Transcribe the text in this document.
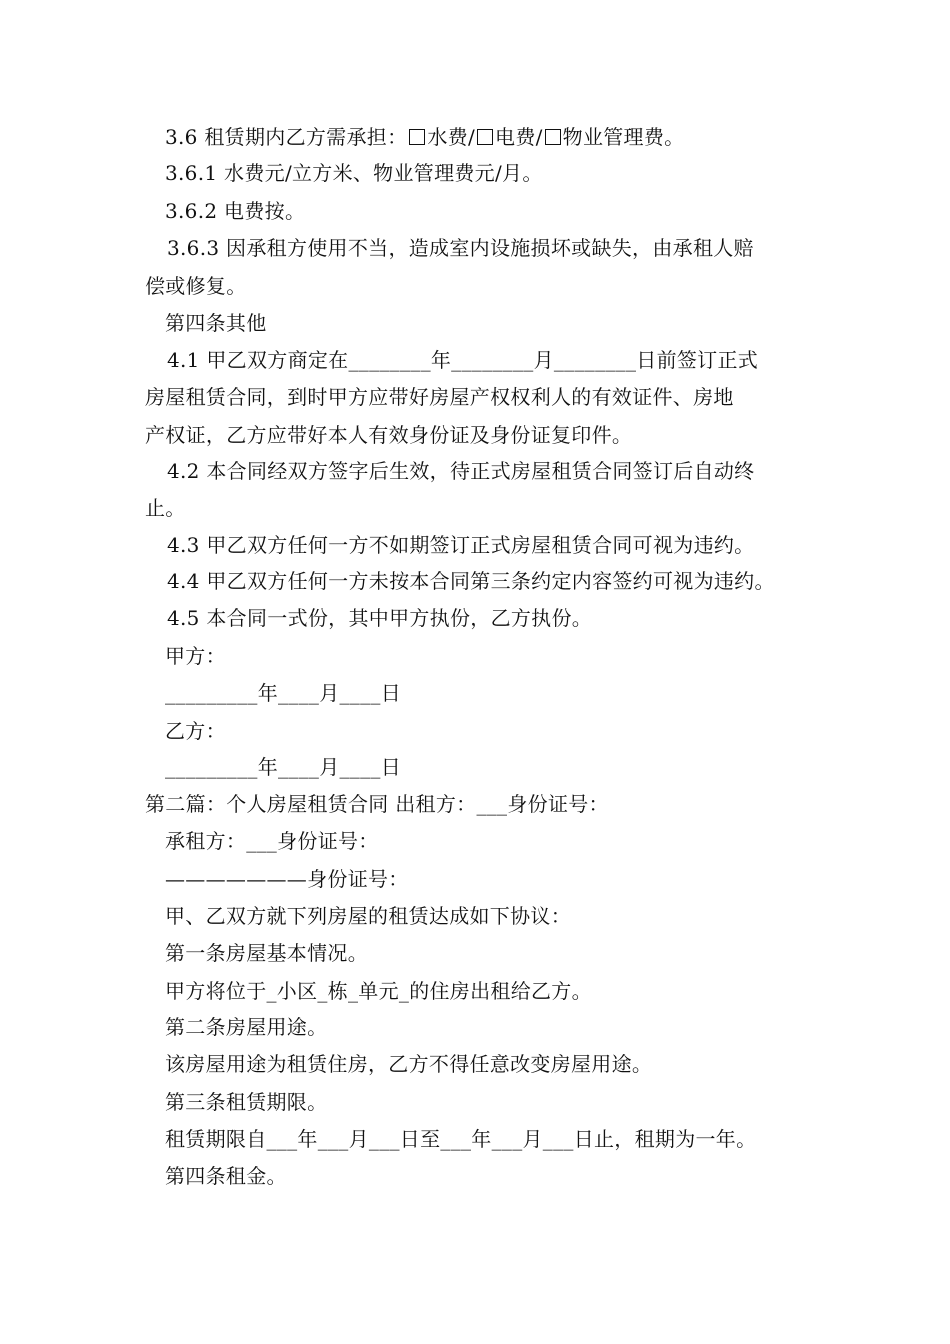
3.6 租赁期内乙方需承担： 水费/ 电费/ 物业管理费。
3.6.1 水费元/立方米、物业管理费元/月。
3.6.2 电费按。
3.6.3 因承租方使用不当，造成室内设施损坏或缺失，由承租人赔
偿或修复。
第四条其他
4.1 甲乙双方商定在________年________月________日前签订正式
房屋租赁合同，到时甲方应带好房屋产权权利人的有效证件、房地
产权证，乙方应带好本人有效身份证及身份证复印件。
4.2 本合同经双方签字后生效，待正式房屋租赁合同签订后自动终
止。
4.3 甲乙双方任何一方不如期签订正式房屋租赁合同可视为违约。
4.4 甲乙双方任何一方未按本合同第三条约定内容签约可视为违约。
4.5 本合同一式份，其中甲方执份，乙方执份。
甲方：
_________年____月____日
乙方：
_________年____月____日
第二篇：个人房屋租赁合同 出租方：___身份证号：
承租方：___身份证号：
———————身份证号：
甲、乙双方就下列房屋的租赁达成如下协议：
第一条房屋基本情况。
甲方将位于_小区_栋_单元_的住房出租给乙方。
第二条房屋用途。
该房屋用途为租赁住房，乙方不得任意改变房屋用途。
第三条租赁期限。
租赁期限自___年___月___日至___年___月___日止，租期为一年。
第四条租金。
